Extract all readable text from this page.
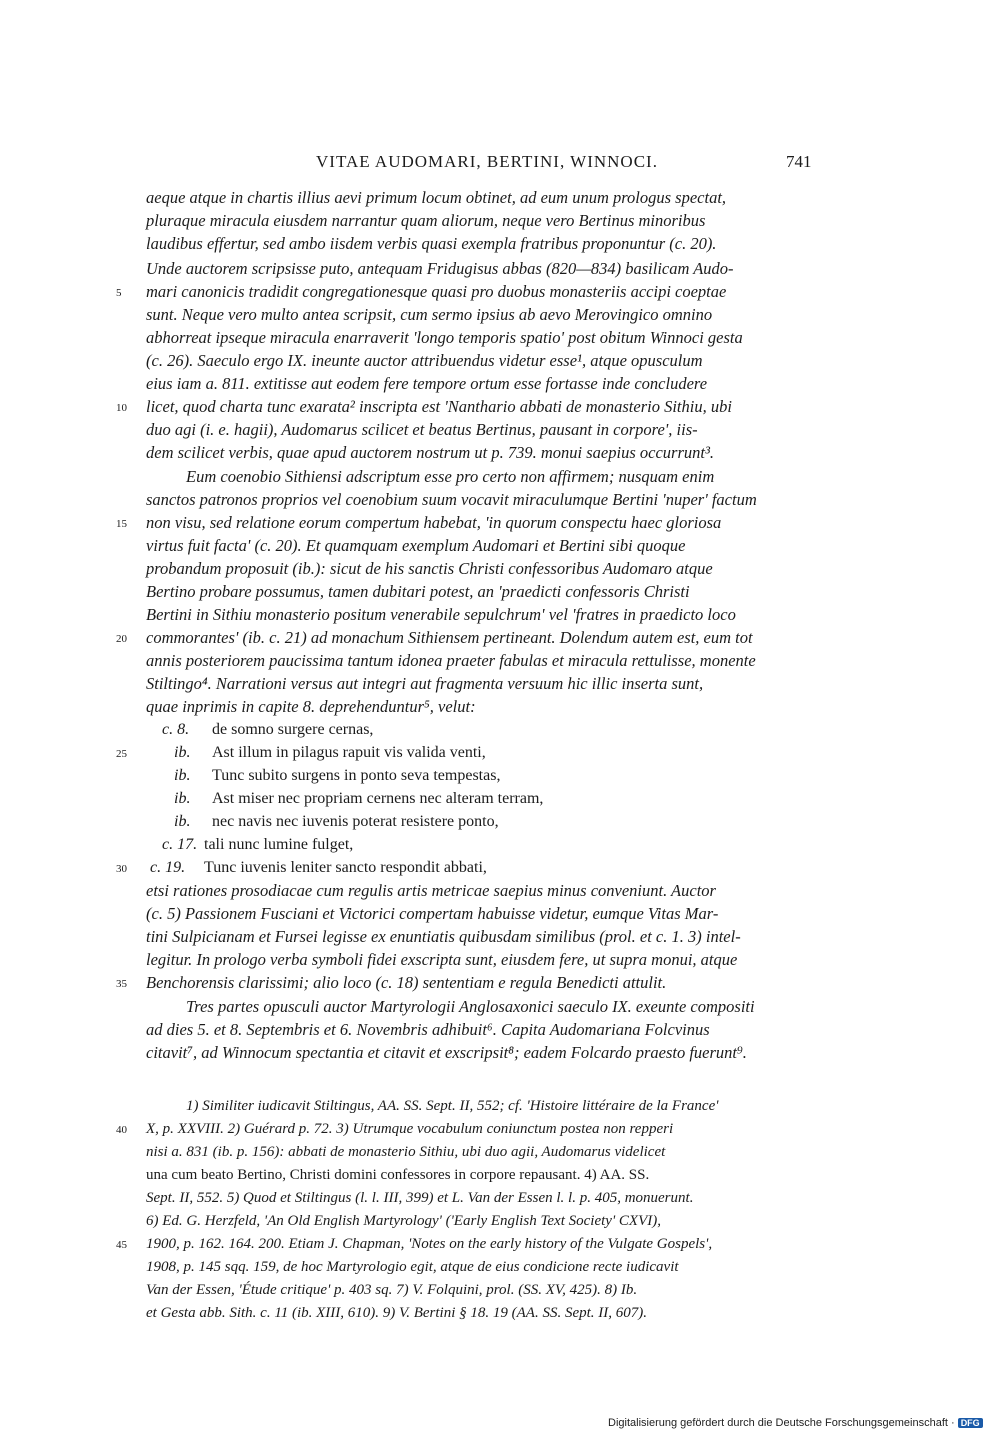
VITAE AUDOMARI, BERTINI, WINNOCI.	741
aeque atque in chartis illius aevi primum locum obtinet, ad eum unum prologus spectat,
pluraque miracula eiusdem narrantur quam aliorum, neque vero Bertinus minoribus
laudibus effertur, sed ambo iisdem verbis quasi exempla fratribus proponuntur (c. 20).
Unde auctorem scripsisse puto, antequam Fridugisus abbas (820—834) basilicam Audo-
mari canonicis tradidit congregationesque quasi pro duobus monasteriis accipi coeptae
sunt. Neque vero multo antea scripsit, cum sermo ipsius ab aevo Merovingico omnino
abhorreat ipseque miracula enarraverit 'longo temporis spatio' post obitum Winnoci gesta
(c. 26). Saeculo ergo IX. ineunte auctor attribuendus videtur esse¹, atque opusculum
eius iam a. 811. extitisse aut eodem fere tempore ortum esse fortasse inde concludere
licet, quod charta tunc exarata² inscripta est 'Nanthario abbati de monasterio Sithiu, ubi
duo agi (i. e. hagii), Audomarus scilicet et beatus Bertinus, pausant in corpore', iis-
dem scilicet verbis, quae apud auctorem nostrum ut p. 739. monui saepius occurrunt³.
Eum coenobio Sithiensi adscriptum esse pro certo non affirmem; nusquam enim
sanctos patronos proprios vel coenobium suum vocavit miraculumque Bertini 'nuper' factum
non visu, sed relatione eorum compertum habebat, 'in quorum conspectu haec gloriosa
virtus fuit facta' (c. 20). Et quamquam exemplum Audomari et Bertini sibi quoque
probandum proposuit (ib.): sicut de his sanctis Christi confessoribus Audomaro atque
Bertino probare possumus, tamen dubitari potest, an 'praedicti confessoris Christi
Bertini in Sithiu monasterio positum venerabile sepulchrum' vel 'fratres in praedicto loco
commorantes' (ib. c. 21) ad monachum Sithiensem pertineant. Dolendum autem est, eum tot
annis posteriorem paucissima tantum idonea praeter fabulas et miracula rettulisse, monente
Stiltingo⁴. Narrationi versus aut integri aut fragmenta versuum hic illic inserta sunt,
quae inprimis in capite 8. deprehenduntur⁵, velut:
c. 8. de somno surgere cernas,
ib. Ast illum in pilagus rapuit vis valida venti,
ib. Tunc subito surgens in ponto seva tempestas,
ib. Ast miser nec propriam cernens nec alteram terram,
ib. nec navis nec iuvenis poterat resistere ponto,
c. 17. tali nunc lumine fulget,
c. 19. Tunc iuvenis leniter sancto respondit abbati,
etsi rationes prosodiacae cum regulis artis metricae saepius minus conveniunt. Auctor
(c. 5) Passionem Fusciani et Victorici compertam habuisse videtur, eumque Vitas Mar-
tini Sulpicianam et Fursei legisse ex enuntiatis quibusdam similibus (prol. et c. 1. 3) intel-
legitur. In prologo verba symboli fidei exscripta sunt, eiusdem fere, ut supra monui, atque
Benchorensis clarissimi; alio loco (c. 18) sententiam e regula Benedicti attulit.
Tres partes opusculi auctor Martyrologii Anglosaxonici saeculo IX. exeunte compositi
ad dies 5. et 8. Septembris et 6. Novembris adhibuit⁶. Capita Audomariana Folcvinus
citavit⁷, ad Winnocum spectantia et citavit et exscripsit⁸; eadem Folcardo praesto fuerunt⁹.
1) Similiter iudicavit Stiltingus, AA. SS. Sept. II, 552; cf. 'Histoire littéraire de la France'
X, p. XXVIII. 2) Guérard p. 72. 3) Utrumque vocabulum coniunctum postea non repperi
nisi a. 831 (ib. p. 156): abbati de monasterio Sithiu, ubi duo agii, Audomarus videlicet
una cum beato Bertino, Christi domini confessores in corpore repausant. 4) AA. SS.
Sept. II, 552. 5) Quod et Stiltingus (l. l. III, 399) et L. Van der Essen l. l. p. 405, monuerunt.
6) Ed. G. Herzfeld, 'An Old English Martyrology' ('Early English Text Society' CXVI),
1900, p. 162. 164. 200. Etiam J. Chapman, 'Notes on the early history of the Vulgate Gospels',
1908, p. 145 sqq. 159, de hoc Martyrologio egit, atque de eius condicione recte iudicavit
Van der Essen, 'Étude critique' p. 403 sq. 7) V. Folquini, prol. (SS. XV, 425). 8) Ib.
et Gesta abb. Sith. c. 11 (ib. XIII, 610). 9) V. Bertini § 18. 19 (AA. SS. Sept. II, 607).
5
10
15
20
25
30
35
40
45
Digitalisierung gefördert durch die Deutsche Forschungsgemeinschaft · DFG
